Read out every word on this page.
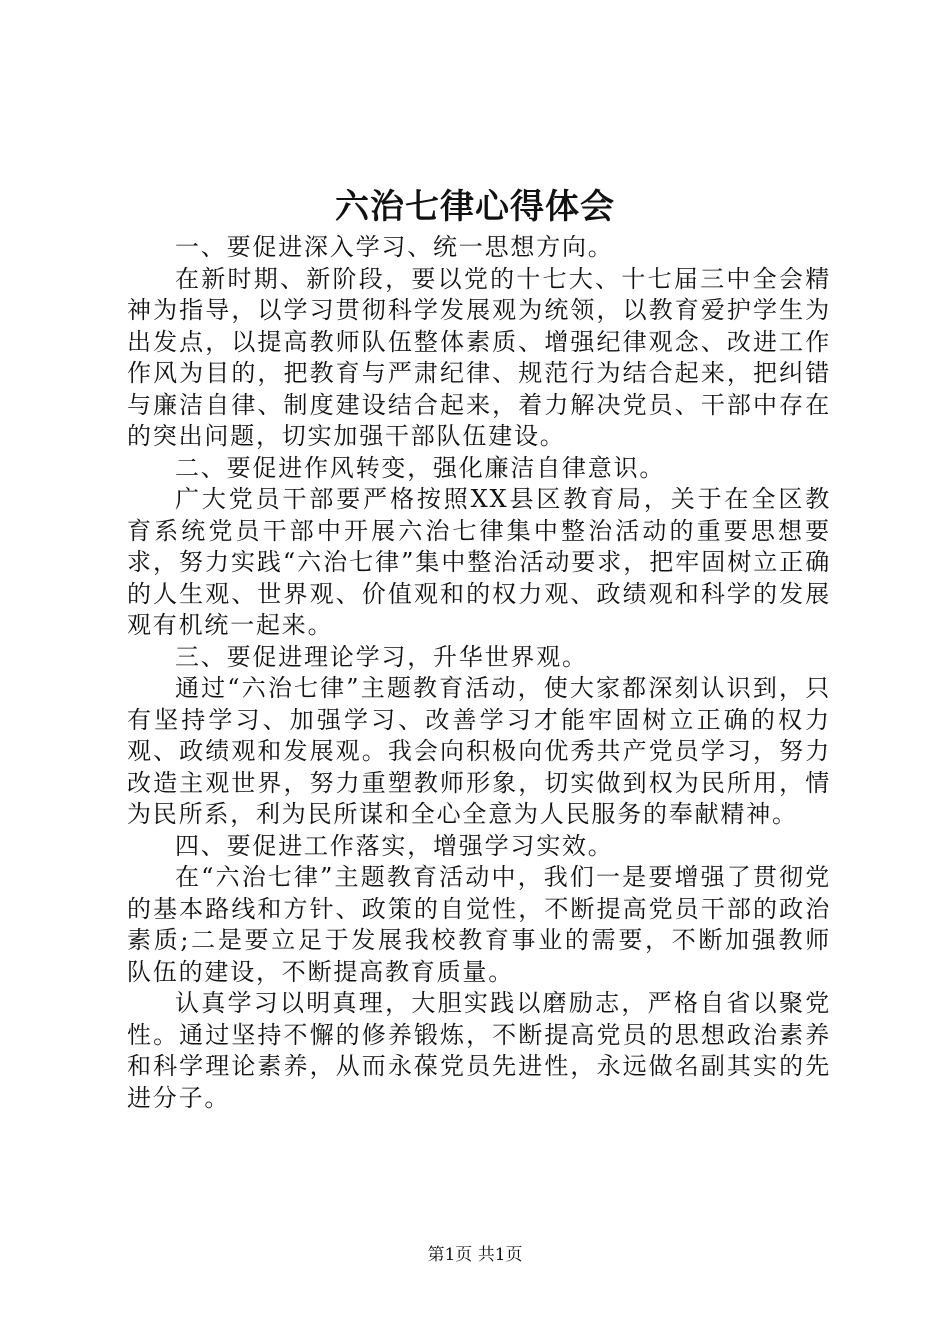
六治七律心得体会

一、要促进深入学习、统一思想方向。

在新时期、新阶段，要以党的十七大、十七届三中全会精神为指导，以学习贯彻科学发展观为统领，以教育爱护学生为出发点，以提高教师队伍整体素质、增强纪律观念、改进工作作风为目的，把教育与严肃纪律、规范行为结合起来，把纠错与廉洁自律、制度建设结合起来，着力解决党员、干部中存在的突出问题，切实加强干部队伍建设。

二、要促进作风转变，强化廉洁自律意识。

广大党员干部要严格按照XX县区教育局，关于在全区教育系统党员干部中开展六治七律集中整治活动的重要思想要求，努力实践“六治七律”集中整治活动要求，把牢固树立正确的人生观、世界观、价值观和的权力观、政绩观和科学的发展观有机统一起来。

三、要促进理论学习，升华世界观。

通过“六治七律”主题教育活动，使大家都深刻认识到，只有坚持学习、加强学习、改善学习才能牢固树立正确的权力观、政绩观和发展观。我会向积极向优秀共产党员学习，努力改造主观世界，努力重塑教师形象，切实做到权为民所用，情为民所系，利为民所谋和全心全意为人民服务的奉献精神。

四、要促进工作落实，增强学习实效。

在“六治七律”主题教育活动中，我们一是要增强了贯彻党的基本路线和方针、政策的自觉性，不断提高党员干部的政治素质;二是要立足于发展我校教育事业的需要，不断加强教师队伍的建设，不断提高教育质量。

认真学习以明真理，大胆实践以磨励志，严格自省以聚党性。通过坚持不懈的修养锻炼，不断提高党员的思想政治素养和科学理论素养，从而永葆党员先进性，永远做名副其实的先进分子。

第1页 共1页
